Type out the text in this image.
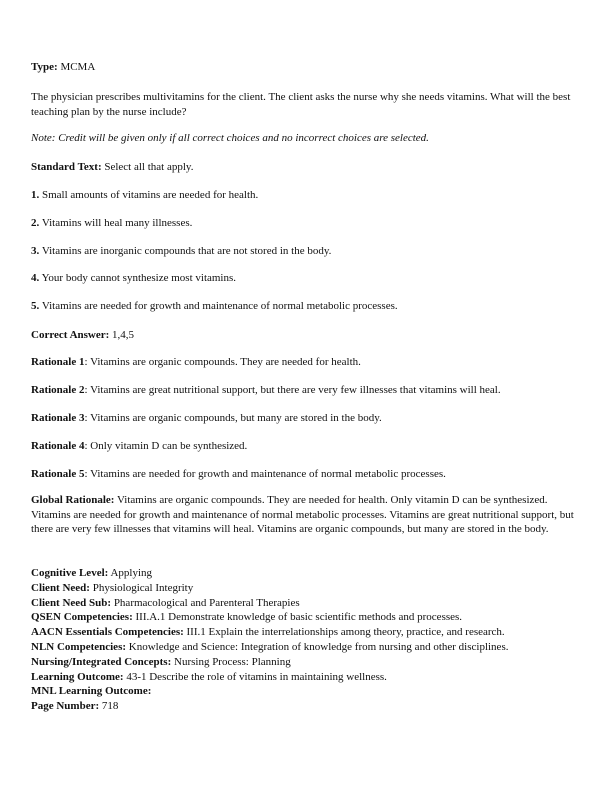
Type: MCMA
The physician prescribes multivitamins for the client. The client asks the nurse why she needs vitamins. What will the best teaching plan by the nurse include?
Note: Credit will be given only if all correct choices and no incorrect choices are selected.
Standard Text: Select all that apply.
1. Small amounts of vitamins are needed for health.
2. Vitamins will heal many illnesses.
3. Vitamins are inorganic compounds that are not stored in the body.
4. Your body cannot synthesize most vitamins.
5. Vitamins are needed for growth and maintenance of normal metabolic processes.
Correct Answer: 1,4,5
Rationale 1: Vitamins are organic compounds. They are needed for health.
Rationale 2: Vitamins are great nutritional support, but there are very few illnesses that vitamins will heal.
Rationale 3: Vitamins are organic compounds, but many are stored in the body.
Rationale 4: Only vitamin D can be synthesized.
Rationale 5: Vitamins are needed for growth and maintenance of normal metabolic processes.
Global Rationale: Vitamins are organic compounds. They are needed for health. Only vitamin D can be synthesized. Vitamins are needed for growth and maintenance of normal metabolic processes. Vitamins are great nutritional support, but there are very few illnesses that vitamins will heal. Vitamins are organic compounds, but many are stored in the body.
Cognitive Level: Applying
Client Need: Physiological Integrity
Client Need Sub: Pharmacological and Parenteral Therapies
QSEN Competencies: III.A.1 Demonstrate knowledge of basic scientific methods and processes.
AACN Essentials Competencies: III.1 Explain the interrelationships among theory, practice, and research.
NLN Competencies: Knowledge and Science: Integration of knowledge from nursing and other disciplines.
Nursing/Integrated Concepts: Nursing Process: Planning
Learning Outcome: 43-1 Describe the role of vitamins in maintaining wellness.
MNL Learning Outcome:
Page Number: 718
